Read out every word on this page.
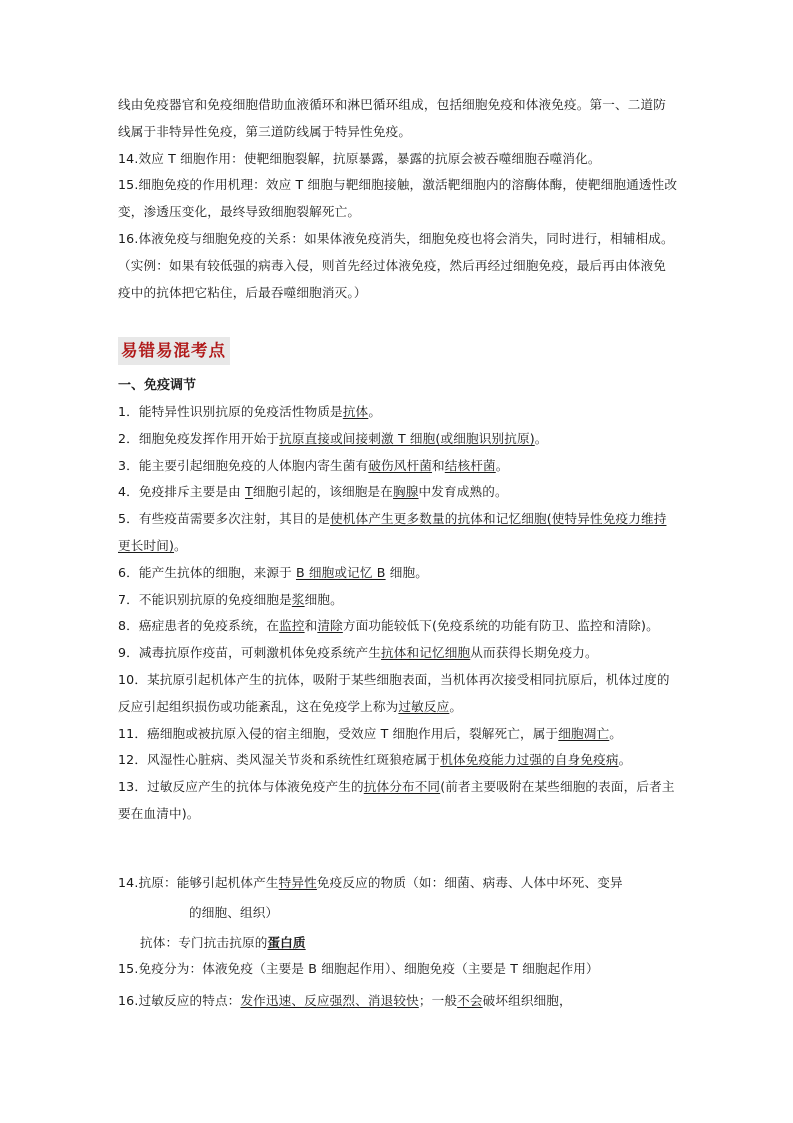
线由免疫器官和免疫细胞借助血液循环和淋巴循环组成，包括细胞免疫和体液免疫。第一、二道防线属于非特异性免疫，第三道防线属于特异性免疫。

14.效应 T 细胞作用：使靶细胞裂解，抗原暴露，暴露的抗原会被吞噬细胞吞噬消化。

15.细胞免疫的作用机理：效应 T 细胞与靶细胞接触，激活靶细胞内的溶酶体酶，使靶细胞通透性改变，渗透压变化，最终导致细胞裂解死亡。

16.体液免疫与细胞免疫的关系：如果体液免疫消失，细胞免疫也将会消失，同时进行，相辅相成。（实例：如果有较低强的病毒入侵，则首先经过体液免疫，然后再经过细胞免疫，最后再由体液免疫中的抗体把它粘住，后最吞噬细胞消灭。）

易错易混考点

一、免疫调节

1．能特异性识别抗原的免疫活性物质是抗体。

2．细胞免疫发挥作用开始于抗原直接或间接刺激 T 细胞(或细胞识别抗原)。

3．能主要引起细胞免疫的人体胞内寄生菌有破伤风杆菌和结核杆菌。

4．免疫排斥主要是由 T细胞引起的，该细胞是在胸腺中发育成熟的。

5．有些疫苗需要多次注射，其目的是使机体产生更多数量的抗体和记忆细胞(使特异性免疫力维持更长时间)。

6．能产生抗体的细胞，来源于 B 细胞或记忆 B 细胞。

7．不能识别抗原的免疫细胞是浆细胞。

8．癌症患者的免疫系统，在监控和清除方面功能较低下(免疫系统的功能有防卫、监控和清除)。

9．减毒抗原作疫苗，可刺激机体免疫系统产生抗体和记忆细胞从而获得长期免疫力。

10．某抗原引起机体产生的抗体，吸附于某些细胞表面，当机体再次接受相同抗原后，机体过度的反应引起组织损伤或功能紊乱，这在免疫学上称为过敏反应。

11．癌细胞或被抗原入侵的宿主细胞，受效应 T 细胞作用后，裂解死亡，属于细胞凋亡。

12．风湿性心脏病、类风湿关节炎和系统性红斑狼疮属于机体免疫能力过强的自身免疫病。

13．过敏反应产生的抗体与体液免疫产生的抗体分布不同(前者主要吸附在某些细胞的表面，后者主要在血清中)。

14.抗原：能够引起机体产生特异性免疫反应的物质（如：细菌、病毒、人体中坏死、变异

的细胞、组织）

抗体：专门抗击抗原的蛋白质

15.免疫分为：体液免疫（主要是 B 细胞起作用）、细胞免疫（主要是 T 细胞起作用）

16.过敏反应的特点：发作迅速、反应强烈、消退较快；一般不会破坏组织细胞，
